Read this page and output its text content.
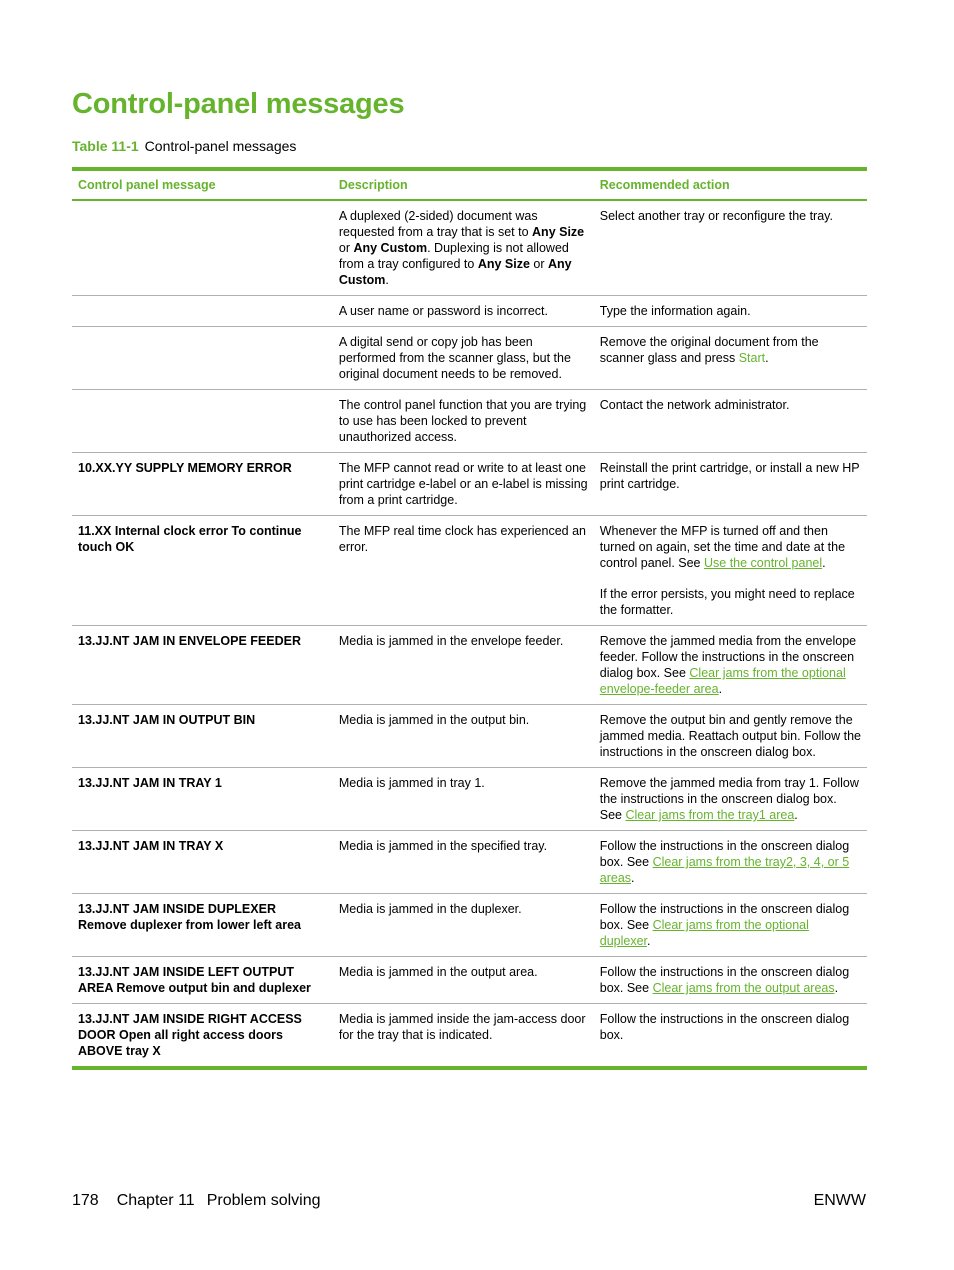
Control-panel messages
Table 11-1 Control-panel messages
Control panel message	Description	Recommended action
	A duplexed (2-sided) document was requested from a tray that is set to Any Size or Any Custom. Duplexing is not allowed from a tray configured to Any Size or Any Custom.	Select another tray or reconfigure the tray.
	A user name or password is incorrect.	Type the information again.
	A digital send or copy job has been performed from the scanner glass, but the original document needs to be removed.	Remove the original document from the scanner glass and press Start.
	The control panel function that you are trying to use has been locked to prevent unauthorized access.	Contact the network administrator.
10.XX.YY SUPPLY MEMORY ERROR	The MFP cannot read or write to at least one print cartridge e-label or an e-label is missing from a print cartridge.	Reinstall the print cartridge, or install a new HP print cartridge.
11.XX Internal clock error To continue touch OK	The MFP real time clock has experienced an error.	Whenever the MFP is turned off and then turned on again, set the time and date at the control panel. See Use the control panel.
If the error persists, you might need to replace the formatter.

13.JJ.NT JAM IN ENVELOPE FEEDER	Media is jammed in the envelope feeder.	Remove the jammed media from the envelope feeder. Follow the instructions in the onscreen dialog box. See Clear jams from the optional envelope-feeder area.
13.JJ.NT JAM IN OUTPUT BIN	Media is jammed in the output bin.	Remove the output bin and gently remove the jammed media. Reattach output bin. Follow the instructions in the onscreen dialog box.
13.JJ.NT JAM IN TRAY 1	Media is jammed in tray 1.	Remove the jammed media from tray 1. Follow the instructions in the onscreen dialog box. See Clear jams from the tray1 area.
13.JJ.NT JAM IN TRAY X	Media is jammed in the specified tray.	Follow the instructions in the onscreen dialog box. See Clear jams from the tray2, 3, 4, or 5 areas.
13.JJ.NT JAM INSIDE DUPLEXER Remove duplexer from lower left area	Media is jammed in the duplexer.	Follow the instructions in the onscreen dialog box. See Clear jams from the optional duplexer.
13.JJ.NT JAM INSIDE LEFT OUTPUT AREA Remove output bin and duplexer	Media is jammed in the output area.	Follow the instructions in the onscreen dialog box. See Clear jams from the output areas.
13.JJ.NT JAM INSIDE RIGHT ACCESS DOOR Open all right access doors ABOVE tray X	Media is jammed inside the jam-access door for the tray that is indicated.	Follow the instructions in the onscreen dialog box.
178 Chapter 11 Problem solving	ENWW
